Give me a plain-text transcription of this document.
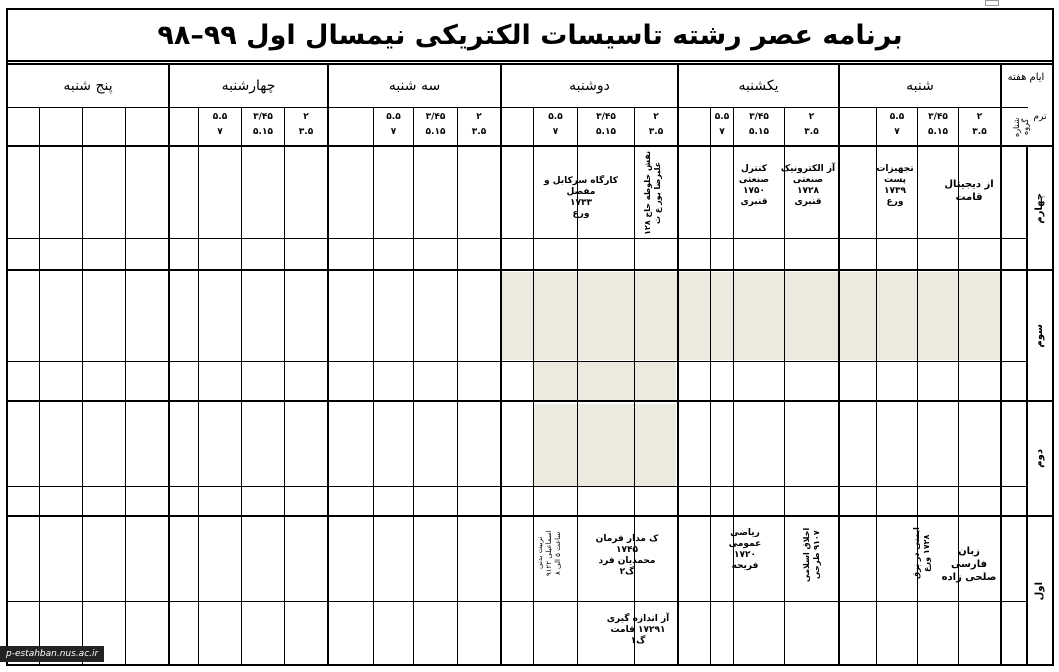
برنامه عصر رشته تاسیسات الکتریکی نیمسال اول ۹۹–۹۸
ایام هفته
ترم
شناره گروه
شنبه
یکشنبه
دوشنبه
سه شنبه
چهارشنبه
پنج شنبه
۲
۳.۵
۳/۴۵
۵.۱۵
۵.۵
۷
۲
۳.۵
۳/۴۵
۵.۱۵
۵.۵
۷
۲
۳.۵
۳/۴۵
۵.۱۵
۵.۵
۷
۲
۳.۵
۳/۴۵
۵.۱۵
۵.۵
۷
۲
۳.۵
۳/۴۵
۵.۱۵
۵.۵
۷
چهارم
سوم
دوم
اول
از دیجیتال
قامت
تجهیزات
پست
۱۷۳۹
ورع
آز الکترونیک
صنعتی
۱۷۲۸
قنبری
کنترل
صنعتی
۱۷۵۰
قنبری
۱۲۸ نقش خلوطه حاج علیرضا پور ع ت
کارگاه سرکابل و مفصل
۱۷۳۳
ورع
زبان فارسی
صلحی زاده
ایمنی در برق ۱۷۲۸ ورع
اخلاق اسلامی ۹۱۰۷ طرحی
ریاضی
عمومی
۱۷۲۰
فریحه
ک مدار فرمان
۱۷۴۵
محمدیان فرد
گ۲
تربیت بدنی اسماعیلی ۹۱۲۲ ساعت ۵ الی ۸
آز اندازه گیری
۱۷۲۹۱ قامت
گ۱
p-estahban.nus.ac.ir
